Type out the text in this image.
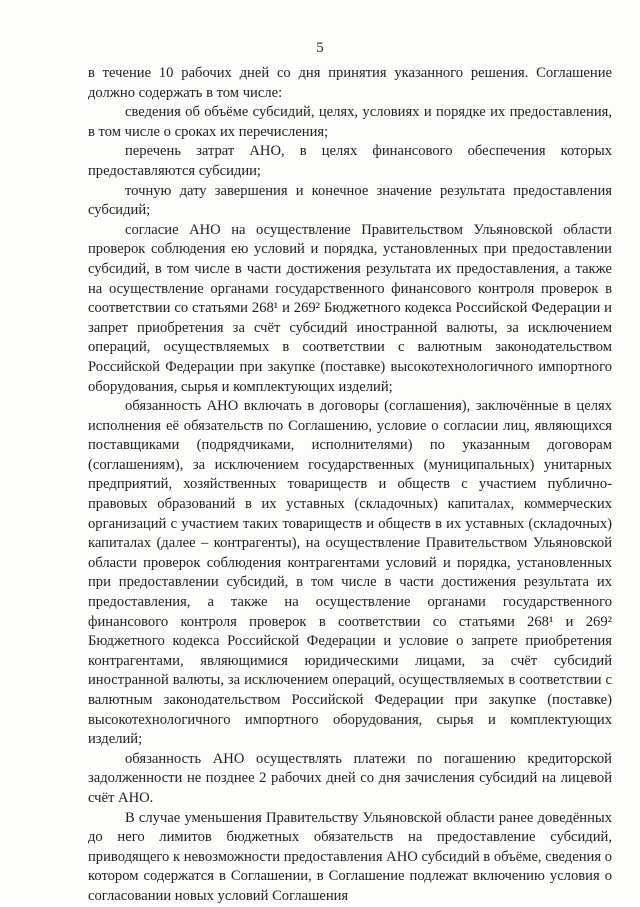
5

в течение 10 рабочих дней со дня принятия указанного решения. Соглашение должно содержать в том числе:

сведения об объёме субсидий, целях, условиях и порядке их предоставления, в том числе о сроках их перечисления;

перечень затрат АНО, в целях финансового обеспечения которых предоставляются субсидии;

точную дату завершения и конечное значение результата предоставления субсидий;

согласие АНО на осуществление Правительством Ульяновской области проверок соблюдения ею условий и порядка, установленных при предоставлении субсидий, в том числе в части достижения результата их предоставления, а также на осуществление органами государственного финансового контроля проверок в соответствии со статьями 268¹ и 269² Бюджетного кодекса Российской Федерации и запрет приобретения за счёт субсидий иностранной валюты, за исключением операций, осуществляемых в соответствии с валютным законодательством Российской Федерации при закупке (поставке) высокотехнологичного импортного оборудования, сырья и комплектующих изделий;

обязанность АНО включать в договоры (соглашения), заключённые в целях исполнения её обязательств по Соглашению, условие о согласии лиц, являющихся поставщиками (подрядчиками, исполнителями) по указанным договорам (соглашениям), за исключением государственных (муниципальных) унитарных предприятий, хозяйственных товариществ и обществ с участием публично-правовых образований в их уставных (складочных) капиталах, коммерческих организаций с участием таких товариществ и обществ в их уставных (складочных) капиталах (далее – контрагенты), на осуществление Правительством Ульяновской области проверок соблюдения контрагентами условий и порядка, установленных при предоставлении субсидий, в том числе в части достижения результата их предоставления, а также на осуществление органами государственного финансового контроля проверок в соответствии со статьями 268¹ и 269² Бюджетного кодекса Российской Федерации и условие о запрете приобретения контрагентами, являющимися юридическими лицами, за счёт субсидий иностранной валюты, за исключением операций, осуществляемых в соответствии с валютным законодательством Российской Федерации при закупке (поставке) высокотехнологичного импортного оборудования, сырья и комплектующих изделий;

обязанность АНО осуществлять платежи по погашению кредиторской задолженности не позднее 2 рабочих дней со дня зачисления субсидий на лицевой счёт АНО.

В случае уменьшения Правительству Ульяновской области ранее доведённых до него лимитов бюджетных обязательств на предоставление субсидий, приводящего к невозможности предоставления АНО субсидий в объёме, сведения о котором содержатся в Соглашении, в Соглашение подлежат включению условия о согласовании новых условий Соглашения
